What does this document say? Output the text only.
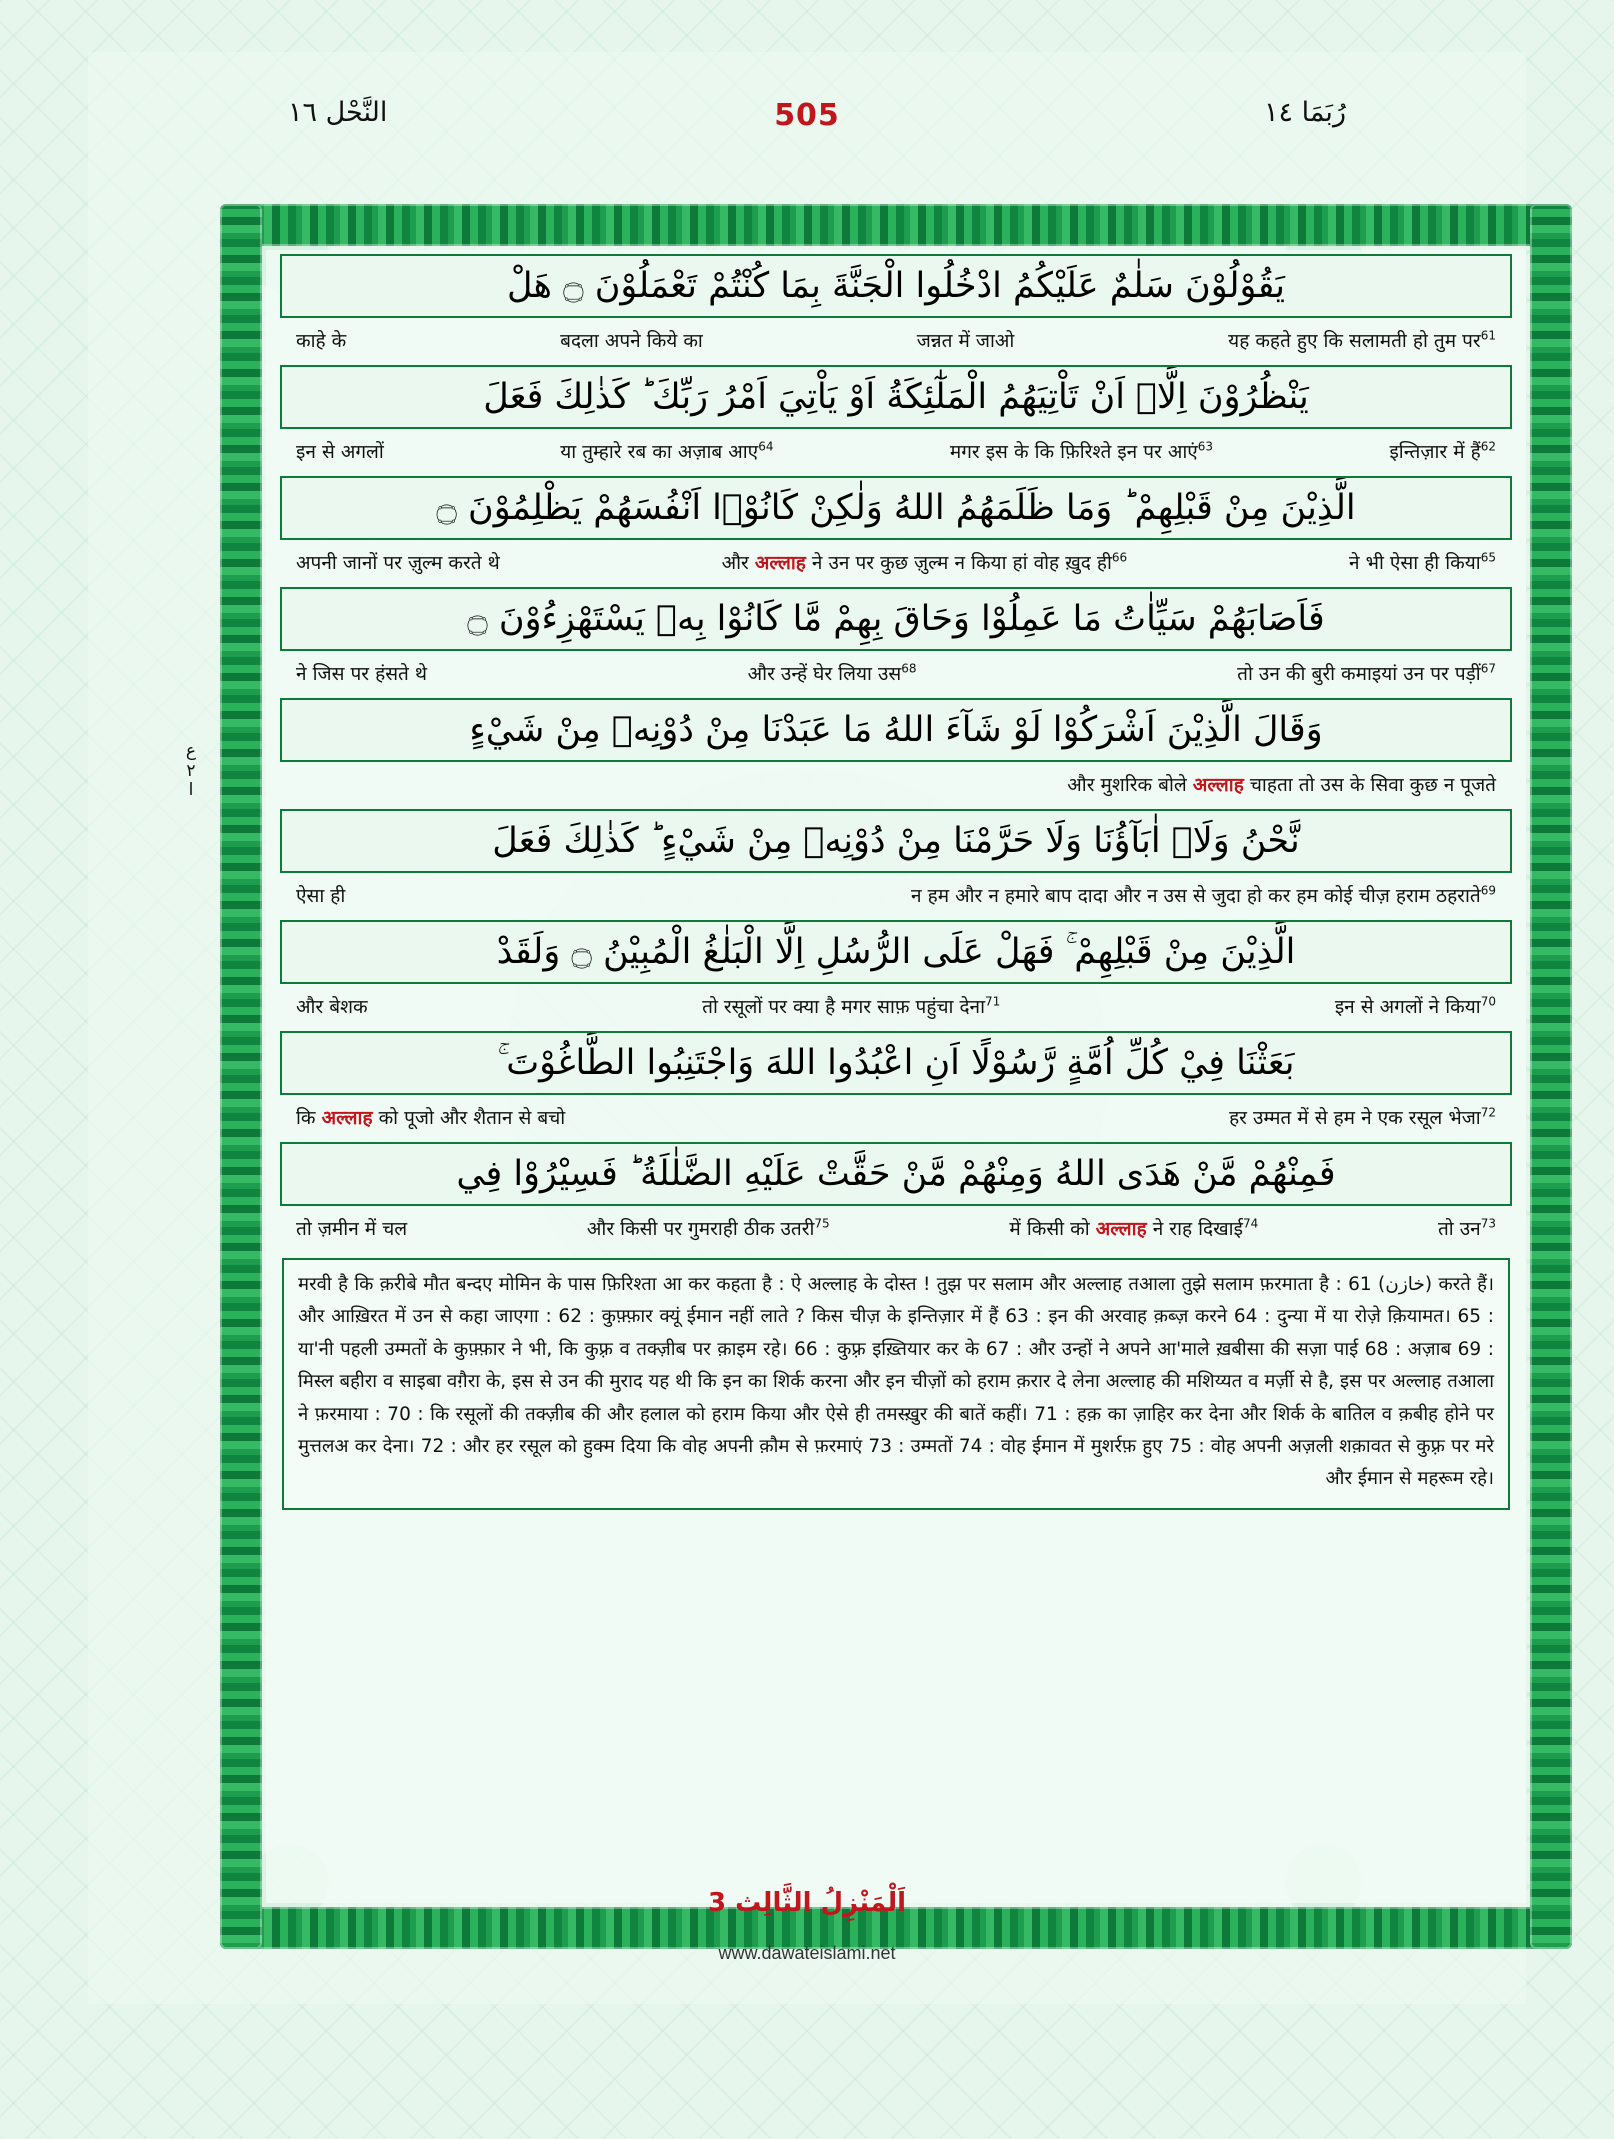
النَّحْل ١٦	505	رُبَمَا ١٤
ع
۲
ا
يَقُوْلُوْنَ سَلٰمٌ عَلَيْكُمُ ادْخُلُوا الْجَنَّةَ بِمَا كُنْتُمْ تَعْمَلُوْنَ ۝ هَلْ
यह कहते हुए कि सलामती हो तुम पर$^{61}$
जन्नत में जाओ
बदला अपने किये का
काहे के
يَنْظُرُوْنَ اِلَّاۤ اَنْ تَاْتِيَهُمُ الْمَلٰٓئِكَةُ اَوْ يَاْتِيَ اَمْرُ رَبِّكَ ؕ كَذٰلِكَ فَعَلَ
इन्तिज़ार में हैं$^{62}$
मगर इस के कि फ़िरिश्ते इन पर आएं$^{63}$
या तुम्हारे रब का अज़ाब आए$^{64}$
इन से अगलों
الَّذِيْنَ مِنْ قَبْلِهِمْ ؕ وَمَا ظَلَمَهُمُ اللهُ وَلٰكِنْ كَانُوْۤا اَنْفُسَهُمْ يَظْلِمُوْنَ ۝
ने भी ऐसा ही किया$^{65}$
और अल्लाह ने उन पर कुछ ज़ुल्म न किया हां वोह ख़ुद ही$^{66}$
अपनी जानों पर ज़ुल्म करते थे
فَاَصَابَهُمْ سَيِّاٰتُ مَا عَمِلُوْا وَحَاقَ بِهِمْ مَّا كَانُوْا بِهٖ يَسْتَهْزِءُوْنَ ۝
तो उन की बुरी कमाइयां उन पर पड़ीं$^{67}$
और उन्हें घेर लिया उस$^{68}$
ने जिस पर हंसते थे
وَقَالَ الَّذِيْنَ اَشْرَكُوْا لَوْ شَآءَ اللهُ مَا عَبَدْنَا مِنْ دُوْنِهٖ مِنْ شَيْءٍ
और मुशरिक बोले अल्लाह चाहता तो उस के सिवा कुछ न पूजते
نَّحْنُ وَلَاۤ اٰبَآؤُنَا وَلَا حَرَّمْنَا مِنْ دُوْنِهٖ مِنْ شَيْءٍ ؕ كَذٰلِكَ فَعَلَ
न हम और न हमारे बाप दादा और न उस से जुदा हो कर हम कोई चीज़ हराम ठहराते$^{69}$
ऐसा ही
الَّذِيْنَ مِنْ قَبْلِهِمْ ۚ فَهَلْ عَلَى الرُّسُلِ اِلَّا الْبَلٰغُ الْمُبِيْنُ ۝ وَلَقَدْ
इन से अगलों ने किया$^{70}$
तो रसूलों पर क्या है मगर साफ़ पहुंचा देना$^{71}$
और बेशक
بَعَثْنَا فِيْ كُلِّ اُمَّةٍ رَّسُوْلًا اَنِ اعْبُدُوا اللهَ وَاجْتَنِبُوا الطَّاغُوْتَ ۚ
हर उम्मत में से हम ने एक रसूल भेजा$^{72}$
कि अल्लाह को पूजो और शैतान से बचो
فَمِنْهُمْ مَّنْ هَدَى اللهُ وَمِنْهُمْ مَّنْ حَقَّتْ عَلَيْهِ الضَّلٰلَةُ ؕ فَسِيْرُوْا فِي
तो उन$^{73}$
में किसी को अल्लाह ने राह दिखाई$^{74}$
और किसी पर गुमराही ठीक उतरी$^{75}$
तो ज़मीन में चल
करते हैं। (خازن) 61 : मरवी है कि क़रीबे मौत बन्दए मोमिन के पास फ़िरिश्ता आ कर कहता है : ऐ अल्लाह के दोस्त ! तुझ पर सलाम और अल्लाह तआला तुझे सलाम फ़रमाता है और आख़िरत में उन से कहा जाएगा : 62 : कुफ़्फ़ार क्यूं ईमान नहीं लाते ? किस चीज़ के इन्तिज़ार में हैं 63 : इन की अरवाह क़ब्ज़ करने 64 : दुन्या में या रोज़े क़ियामत। 65 : या'नी पहली उम्मतों के कुफ़्फ़ार ने भी, कि कुफ़्र व तक्ज़ीब पर क़ाइम रहे। 66 : कुफ़्र इख़्तियार कर के 67 : और उन्हों ने अपने आ'माले ख़बीसा की सज़ा पाई 68 : अज़ाब 69 : मिस्ल बहीरा व साइबा वग़ैरा के, इस से उन की मुराद यह थी कि इन का शिर्क करना और इन चीज़ों को हराम क़रार दे लेना अल्लाह की मशिय्यत व मर्ज़ी से है, इस पर अल्लाह तआला ने फ़रमाया : 70 : कि रसूलों की तक्ज़ीब की और हलाल को हराम किया और ऐसे ही तमस्ख़ुर की बातें कहीं। 71 : हक़ का ज़ाहिर कर देना और शिर्क के बातिल व क़बीह होने पर मुत्तलअ कर देना। 72 : और हर रसूल को हुक्म दिया कि वोह अपनी क़ौम से फ़रमाएं 73 : उम्मतों 74 : वोह ईमान में मुशर्रफ़ हुए 75 : वोह अपनी अज़ली शक़ावत से कुफ़्र पर मरे और ईमान से महरूम रहे।
اَلْمَنْزِلُ الثَّالِث 3
www.dawateislami.net
